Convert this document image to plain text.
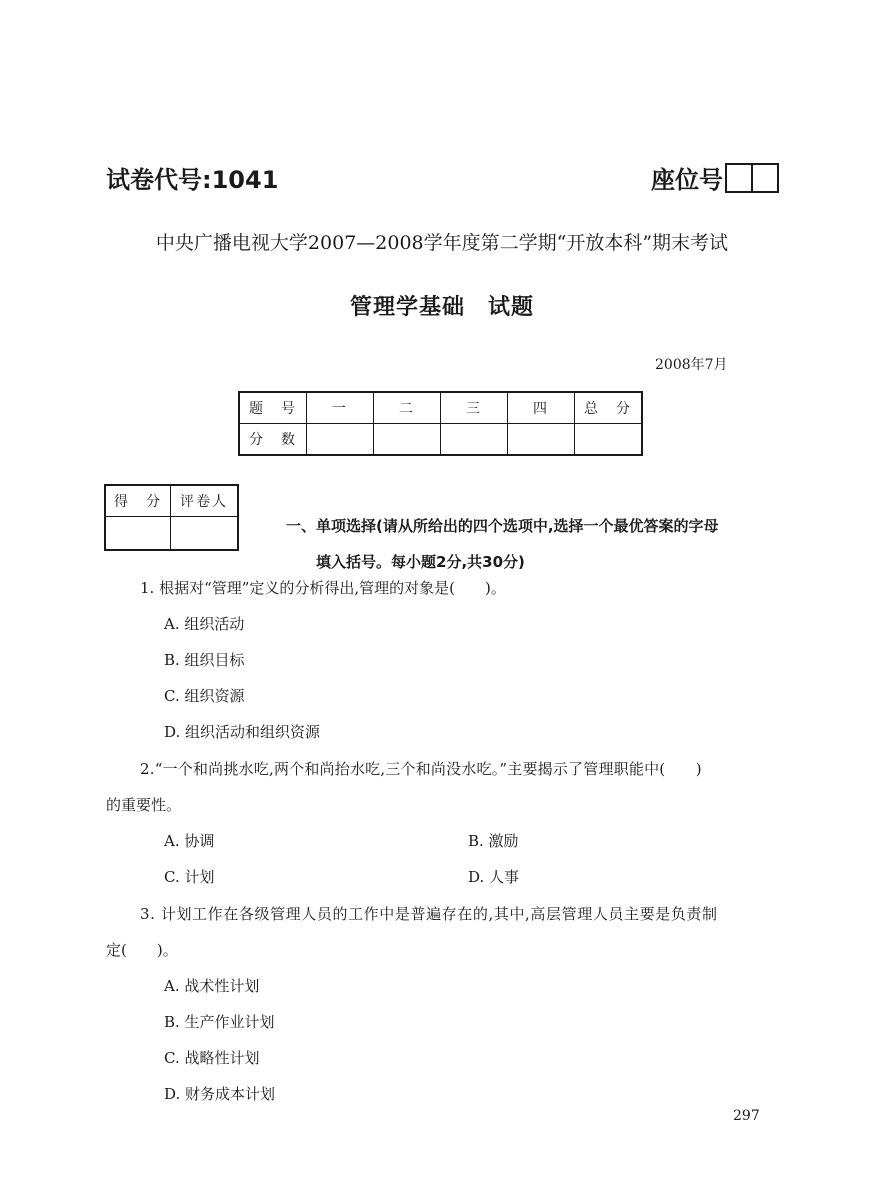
试卷代号:1041	座位号
中央广播电视大学2007—2008学年度第二学期“开放本科”期末考试
管理学基础　试题
2008年7月
题　号	一	二	三	四	总　分
分　数					
得　分	评卷人

一、单项选择(请从所给出的四个选项中,选择一个最优答案的字母
填入括号。每小题2分,共30分)
1. 根据对“管理”定义的分析得出,管理的对象是(　　)。
A. 组织活动
B. 组织目标
C. 组织资源
D. 组织活动和组织资源
2.“一个和尚挑水吃,两个和尚抬水吃,三个和尚没水吃。”主要揭示了管理职能中(　　)
的重要性。
A. 协调	B. 激励
C. 计划	D. 人事
3. 计划工作在各级管理人员的工作中是普遍存在的,其中,高层管理人员主要是负责制
定(　　)。
A. 战术性计划
B. 生产作业计划
C. 战略性计划
D. 财务成本计划
297
